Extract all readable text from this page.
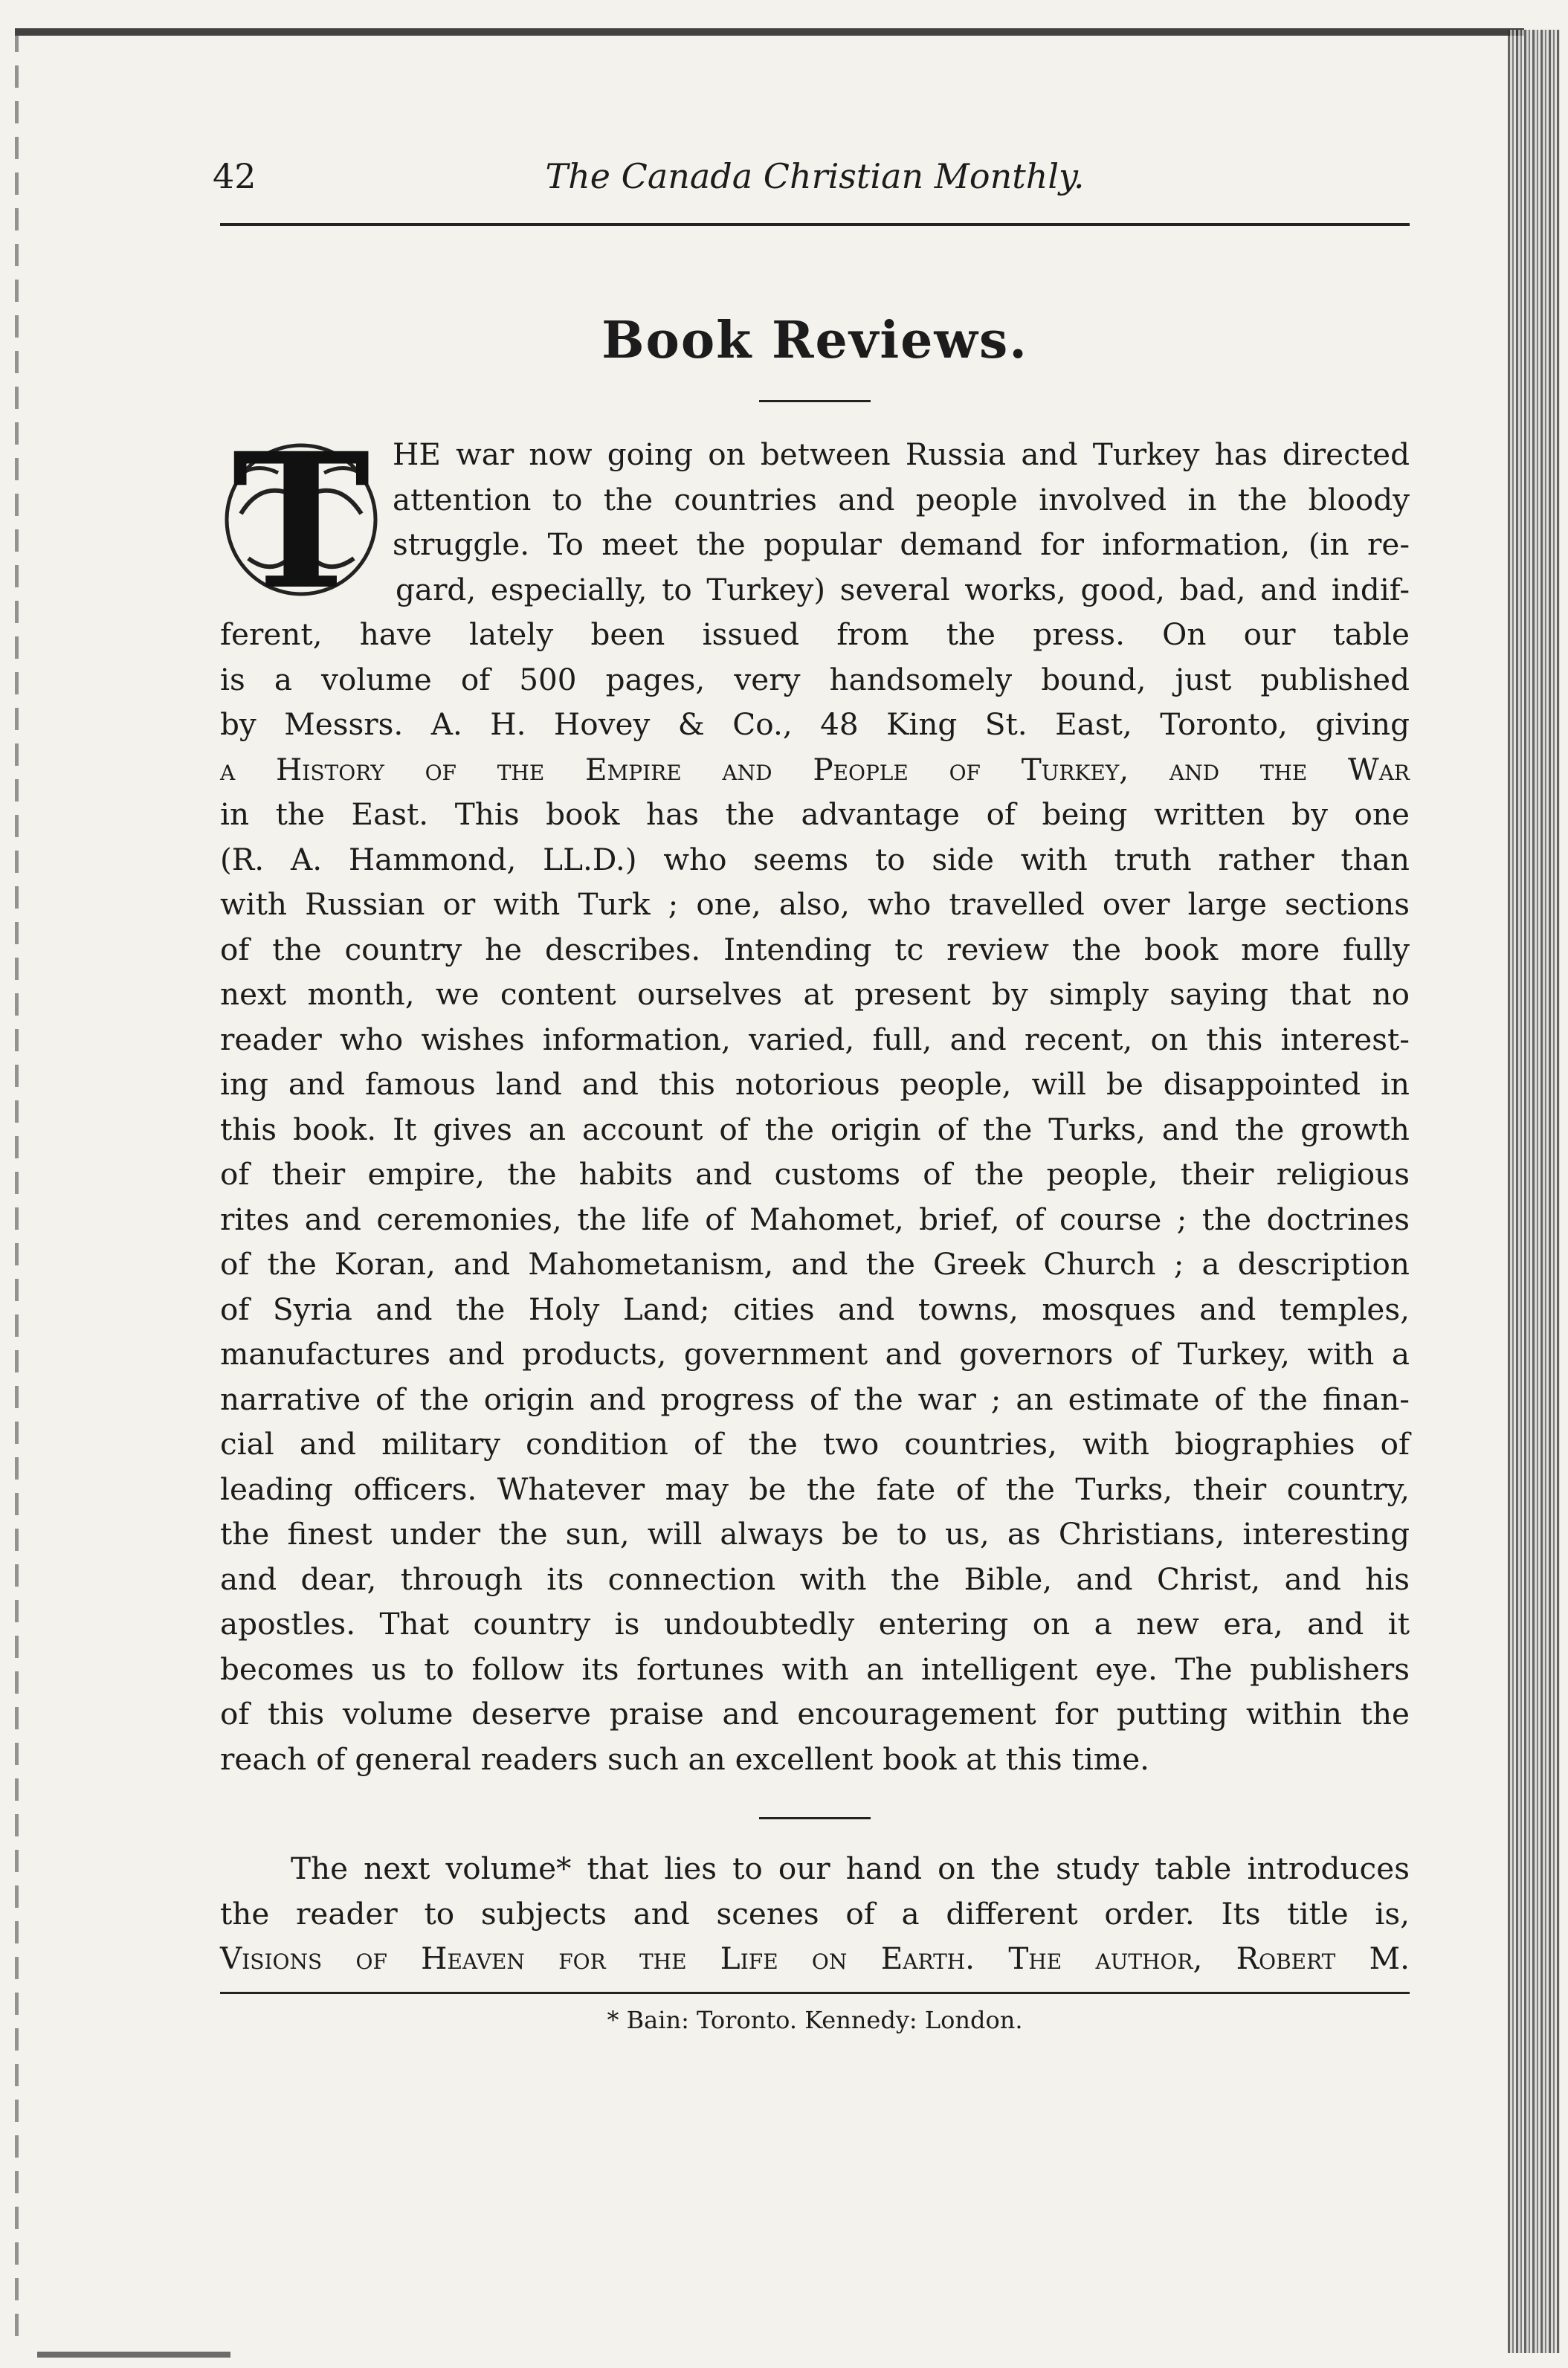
42	The Canada Christian Monthly.
Book Reviews.

T HE war now going on between Russia and Turkey has directed
attention to the countries and people involved in the bloody
struggle. To meet the popular demand for information, (in re-
gard, especially, to Turkey) several works, good, bad, and indif-
ferent, have lately been issued from the press. On our table
is a volume of 500 pages, very handsomely bound, just published
by Messrs. A. H. Hovey & Co., 48 King St. East, Toronto, giving
a History of the Empire and People of Turkey, and the War
in the East. This book has the advantage of being written by one
(R. A. Hammond, LL.D.) who seems to side with truth rather than
with Russian or with Turk ; one, also, who travelled over large sections
of the country he describes. Intending tc review the book more fully
next month, we content ourselves at present by simply saying that no
reader who wishes information, varied, full, and recent, on this interest-
ing and famous land and this notorious people, will be disappointed in
this book. It gives an account of the origin of the Turks, and the growth
of their empire, the habits and customs of the people, their religious
rites and ceremonies, the life of Mahomet, brief, of course ; the doctrines
of the Koran, and Mahometanism, and the Greek Church ; a description
of Syria and the Holy Land; cities and towns, mosques and temples,
manufactures and products, government and governors of Turkey, with a
narrative of the origin and progress of the war ; an estimate of the finan-
cial and military condition of the two countries, with biographies of
leading officers. Whatever may be the fate of the Turks, their country,
the finest under the sun, will always be to us, as Christians, interesting
and dear, through its connection with the Bible, and Christ, and his
apostles. That country is undoubtedly entering on a new era, and it
becomes us to follow its fortunes with an intelligent eye. The publishers
of this volume deserve praise and encouragement for putting within the
reach of general readers such an excellent book at this time.

The next volume* that lies to our hand on the study table introduces
the reader to subjects and scenes of a different order. Its title is,
Visions of Heaven for the Life on Earth. The author, Robert M.

* Bain: Toronto. Kennedy: London.
